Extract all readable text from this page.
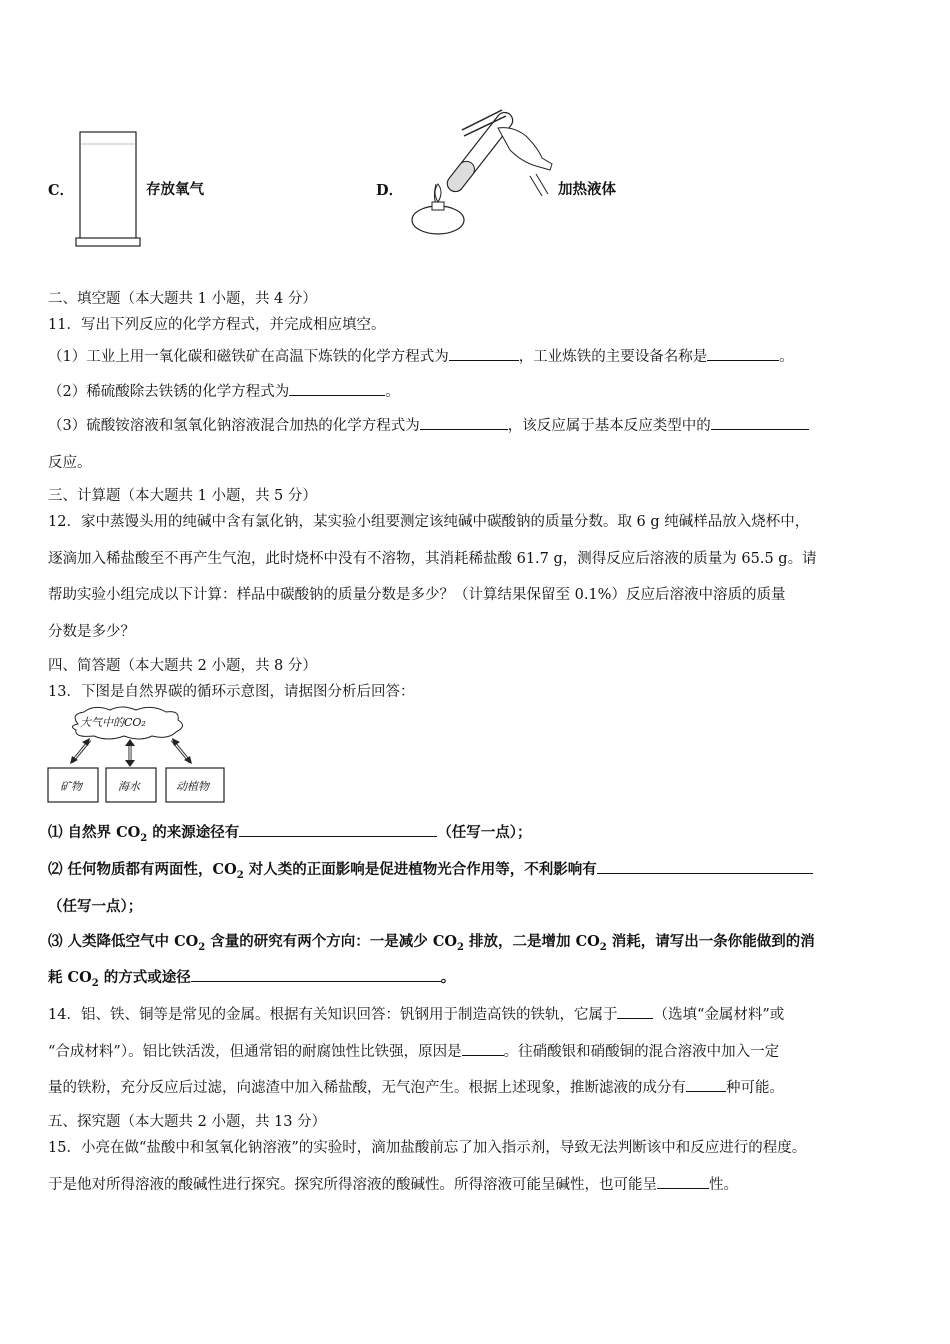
C．	存放氧气	D．	加热液体
二、填空题（本大题共 1 小题，共 4 分）
11．写出下列反应的化学方程式，并完成相应填空。
（1）工业上用一氧化碳和磁铁矿在高温下炼铁的化学方程式为	，工业炼铁的主要设备名称是	。
（2）稀硫酸除去铁锈的化学方程式为	。
（3）硫酸铵溶液和氢氧化钠溶液混合加热的化学方程式为	，该反应属于基本反应类型中的
反应。
三、计算题（本大题共 1 小题，共 5 分）
12．家中蒸馒头用的纯碱中含有氯化钠，某实验小组要测定该纯碱中碳酸钠的质量分数。取 6 g 纯碱样品放入烧杯中，
逐滴加入稀盐酸至不再产生气泡，此时烧杯中没有不溶物，其消耗稀盐酸 61.7 g，测得反应后溶液的质量为 65.5 g。请
帮助实验小组完成以下计算：样品中碳酸钠的质量分数是多少？（计算结果保留至 0.1%）反应后溶液中溶质的质量
分数是多少？
四、简答题（本大题共 2 小题，共 8 分）
13．下图是自然界碳的循环示意图，请据图分析后回答：
大气中的CO₂
矿物	海水	动植物
⑴ 自然界 $CO_2$ 的来源途径有	（任写一点）；
⑵ 任何物质都有两面性，$CO_2$ 对人类的正面影响是促进植物光合作用等，不利影响有
（任写一点）；
⑶ 人类降低空气中 $CO_2$ 含量的研究有两个方向：一是减少 $CO_2$ 排放，二是增加 $CO_2$ 消耗，请写出一条你能做到的消
耗 $CO_2$ 的方式或途径	。
14．铝、铁、铜等是常见的金属。根据有关知识回答：钒钢用于制造高铁的铁轨，它属于 （选填“金属材料”或
“合成材料”）。铝比铁活泼，但通常铝的耐腐蚀性比铁强，原因是	。往硝酸银和硝酸铜的混合溶液中加入一定
量的铁粉，充分反应后过滤，向滤渣中加入稀盐酸，无气泡产生。根据上述现象，推断滤液的成分有	种可能。
五、探究题（本大题共 2 小题，共 13 分）
15．小亮在做“盐酸中和氢氧化钠溶液”的实验时，滴加盐酸前忘了加入指示剂，导致无法判断该中和反应进行的程度。
于是他对所得溶液的酸碱性进行探究。探究所得溶液的酸碱性。所得溶液可能呈碱性，也可能呈	性。
